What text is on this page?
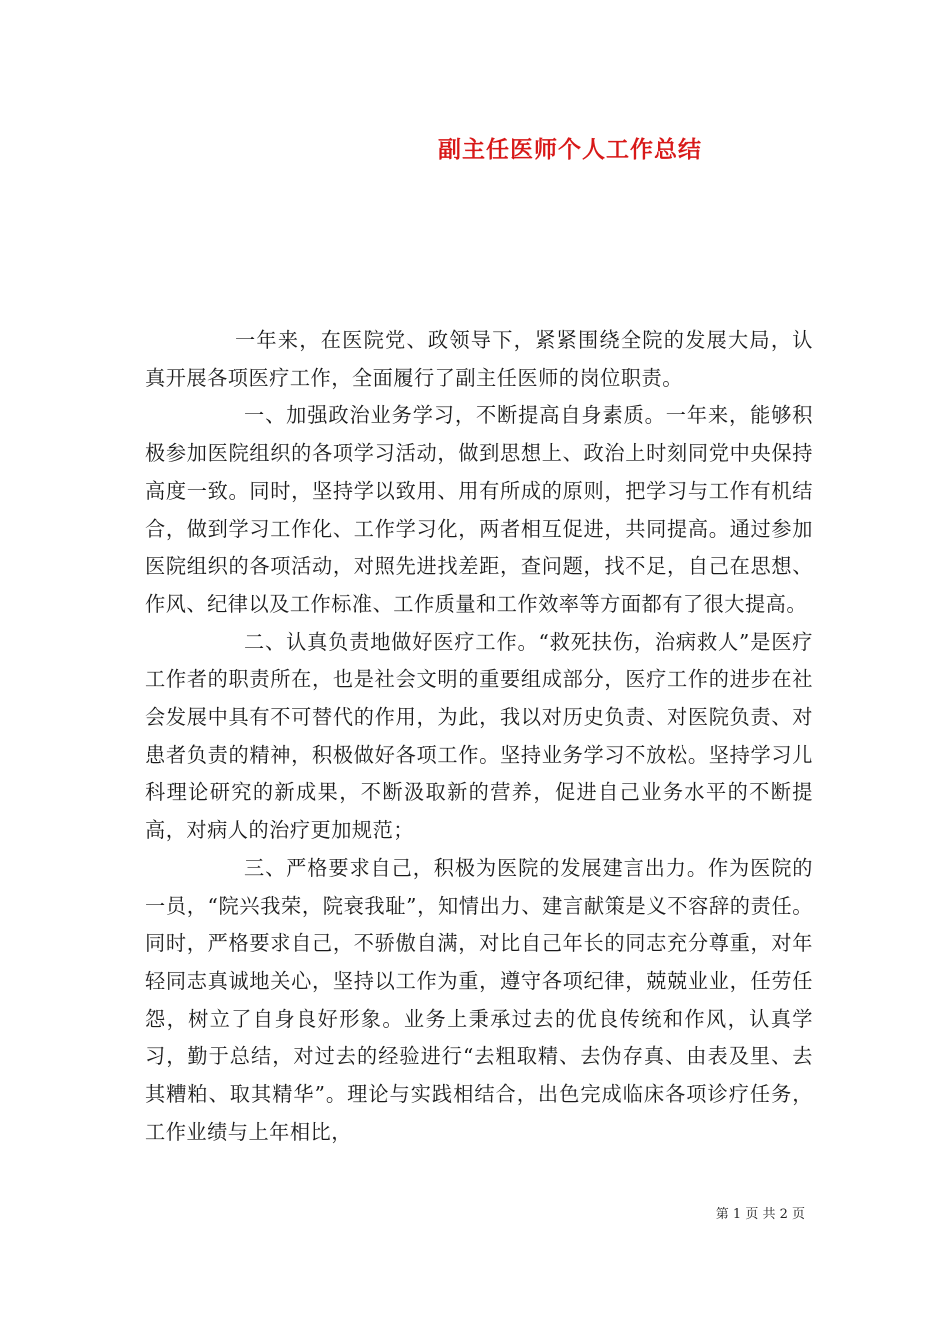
副主任医师个人工作总结

一年来，在医院党、政领导下，紧紧围绕全院的发展大局，认真开展各项医疗工作，全面履行了副主任医师的岗位职责。

一、加强政治业务学习，不断提高自身素质。一年来，能够积极参加医院组织的各项学习活动，做到思想上、政治上时刻同党中央保持高度一致。同时，坚持学以致用、用有所成的原则，把学习与工作有机结合，做到学习工作化、工作学习化，两者相互促进，共同提高。通过参加医院组织的各项活动，对照先进找差距，查问题，找不足，自己在思想、作风、纪律以及工作标准、工作质量和工作效率等方面都有了很大提高。

二、认真负责地做好医疗工作。“救死扶伤，治病救人”是医疗工作者的职责所在，也是社会文明的重要组成部分，医疗工作的进步在社会发展中具有不可替代的作用，为此，我以对历史负责、对医院负责、对患者负责的精神，积极做好各项工作。坚持业务学习不放松。坚持学习儿科理论研究的新成果，不断汲取新的营养，促进自己业务水平的不断提高，对病人的治疗更加规范；

三、严格要求自己，积极为医院的发展建言出力。作为医院的一员，“院兴我荣，院衰我耻”，知情出力、建言献策是义不容辞的责任。同时，严格要求自己，不骄傲自满，对比自己年长的同志充分尊重，对年轻同志真诚地关心，坚持以工作为重，遵守各项纪律，兢兢业业，任劳任怨，树立了自身良好形象。业务上秉承过去的优良传统和作风，认真学习，勤于总结，对过去的经验进行“去粗取精、去伪存真、由表及里、去其糟粕、取其精华”。理论与实践相结合，出色完成临床各项诊疗任务，工作业绩与上年相比，

第 1 页 共 2 页
